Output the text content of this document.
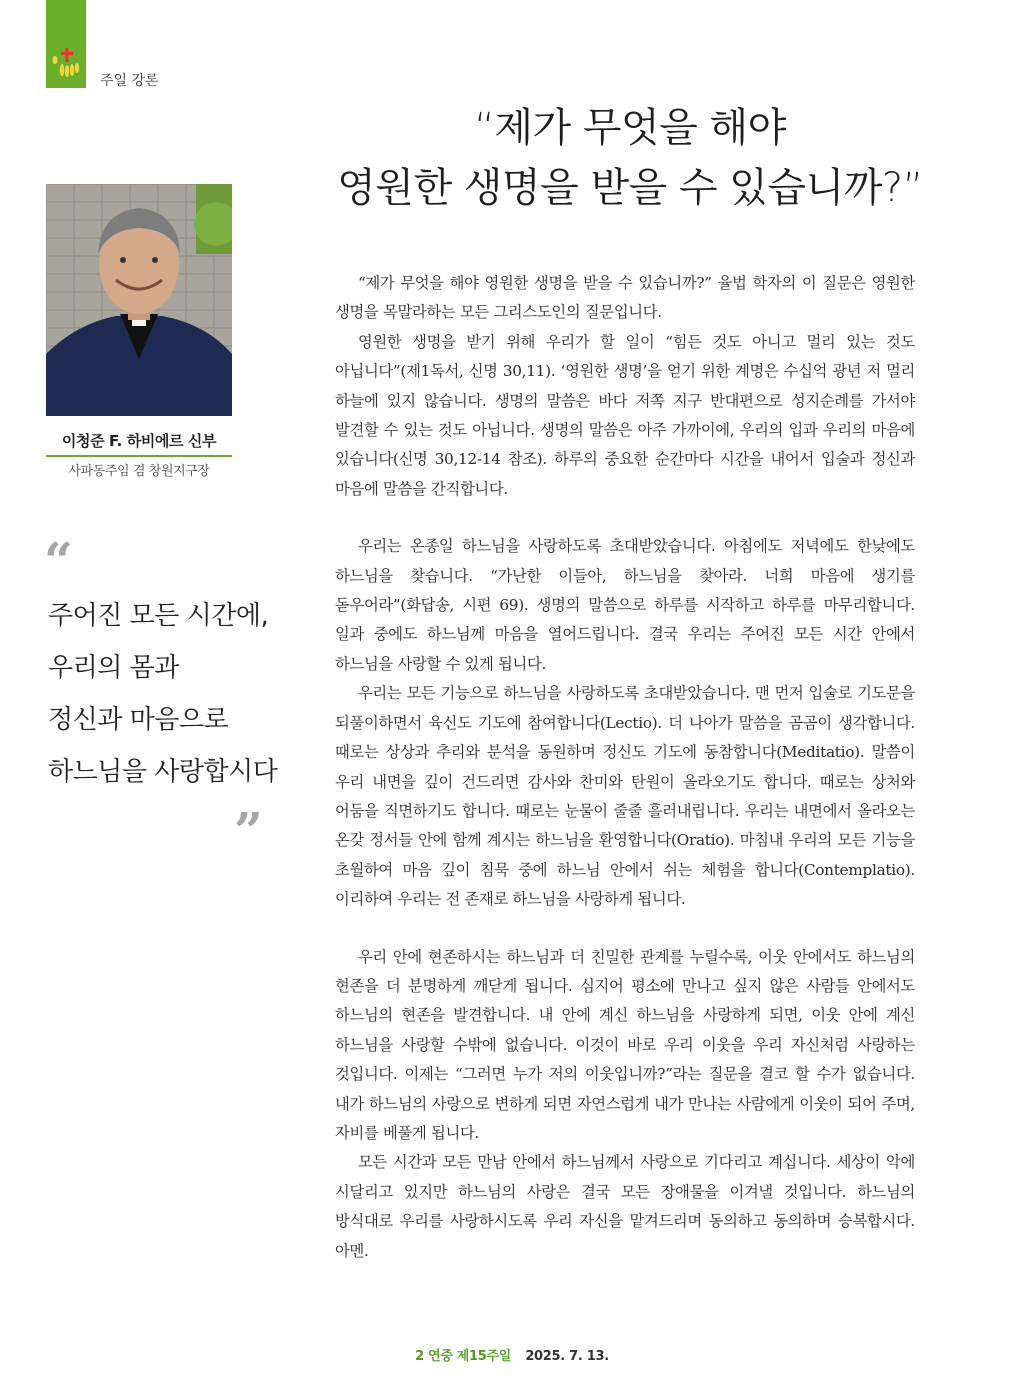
주일 강론
“제가 무엇을 해야
영원한 생명을 받을 수 있습니까?”
이청준 F. 하비에르 신부
사파동주임 겸 창원지구장
“
주어진 모든 시간에,
우리의 몸과
정신과 마음으로
하느님을 사랑합시다
”

“제가 무엇을 해야 영원한 생명을 받을 수 있습니까?” 율법 학자의 이 질문은 영원한 생명을 목말라하는 모든 그리스도인의 질문입니다.

영원한 생명을 받기 위해 우리가 할 일이 “힘든 것도 아니고 멀리 있는 것도 아닙니다”(제1독서, 신명 30,11). ‘영원한 생명’을 얻기 위한 계명은 수십억 광년 저 멀리 하늘에 있지 않습니다. 생명의 말씀은 바다 저쪽 지구 반대편으로 성지순례를 가서야 발견할 수 있는 것도 아닙니다. 생명의 말씀은 아주 가까이에, 우리의 입과 우리의 마음에 있습니다(신명 30,12-14 참조). 하루의 중요한 순간마다 시간을 내어서 입술과 정신과 마음에 말씀을 간직합니다.

우리는 온종일 하느님을 사랑하도록 초대받았습니다. 아침에도 저녁에도 한낮에도 하느님을 찾습니다. “가난한 이들아, 하느님을 찾아라. 너희 마음에 생기를 돋우어라”(화답송, 시편 69). 생명의 말씀으로 하루를 시작하고 하루를 마무리합니다. 일과 중에도 하느님께 마음을 열어드립니다. 결국 우리는 주어진 모든 시간 안에서 하느님을 사랑할 수 있게 됩니다.

우리는 모든 기능으로 하느님을 사랑하도록 초대받았습니다. 맨 먼저 입술로 기도문을 되풀이하면서 육신도 기도에 참여합니다(Lectio). 더 나아가 말씀을 곰곰이 생각합니다. 때로는 상상과 추리와 분석을 동원하며 정신도 기도에 동참합니다(Meditatio). 말씀이 우리 내면을 깊이 건드리면 감사와 찬미와 탄원이 올라오기도 합니다. 때로는 상처와 어둠을 직면하기도 합니다. 때로는 눈물이 줄줄 흘러내립니다. 우리는 내면에서 올라오는 온갖 정서들 안에 함께 계시는 하느님을 환영합니다(Oratio). 마침내 우리의 모든 기능을 초월하여 마음 깊이 침묵 중에 하느님 안에서 쉬는 체험을 합니다(Contemplatio). 이리하여 우리는 전 존재로 하느님을 사랑하게 됩니다.

우리 안에 현존하시는 하느님과 더 친밀한 관계를 누릴수록, 이웃 안에서도 하느님의 현존을 더 분명하게 깨닫게 됩니다. 심지어 평소에 만나고 싶지 않은 사람들 안에서도 하느님의 현존을 발견합니다. 내 안에 계신 하느님을 사랑하게 되면, 이웃 안에 계신 하느님을 사랑할 수밖에 없습니다. 이것이 바로 우리 이웃을 우리 자신처럼 사랑하는 것입니다. 이제는 “그러면 누가 저의 이웃입니까?”라는 질문을 결코 할 수가 없습니다. 내가 하느님의 사랑으로 변하게 되면 자연스럽게 내가 만나는 사람에게 이웃이 되어 주며, 자비를 베풀게 됩니다.

모든 시간과 모든 만남 안에서 하느님께서 사랑으로 기다리고 계십니다. 세상이 악에 시달리고 있지만 하느님의 사랑은 결국 모든 장애물을 이겨낼 것입니다. 하느님의 방식대로 우리를 사랑하시도록 우리 자신을 맡겨드리며 동의하고 동의하며 승복합시다. 아멘.

2 연중 제15주일 2025. 7. 13.
